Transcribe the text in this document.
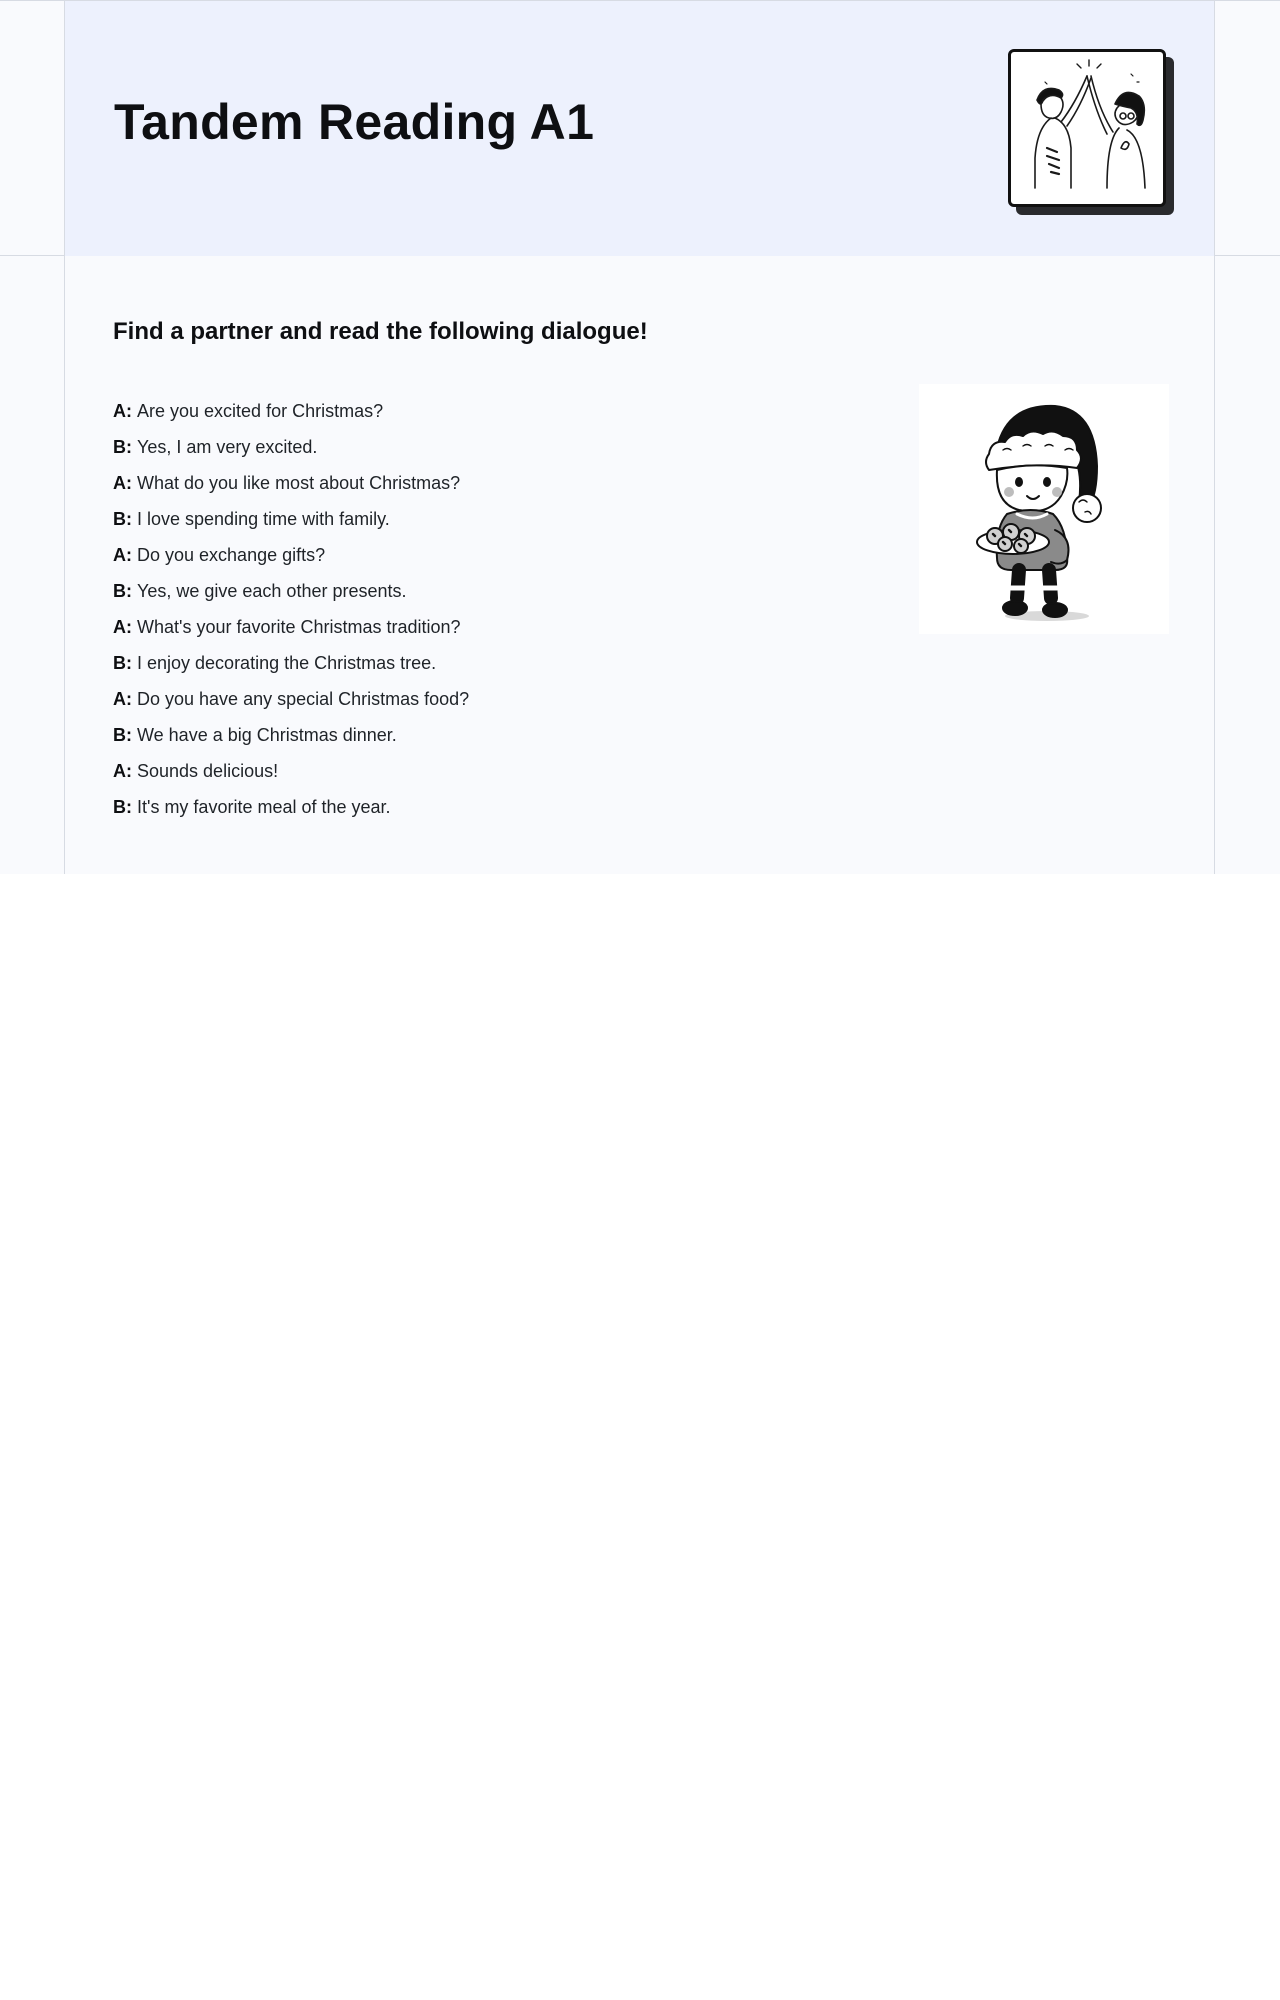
Tandem Reading A1
Find a partner and read the following dialogue!
A: Are you excited for Christmas?
B: Yes, I am very excited.
A: What do you like most about Christmas?
B: I love spending time with family.
A: Do you exchange gifts?
B: Yes, we give each other presents.
A: What's your favorite Christmas tradition?
B: I enjoy decorating the Christmas tree.
A: Do you have any special Christmas food?
B: We have a big Christmas dinner.
A: Sounds delicious!
B: It's my favorite meal of the year.
